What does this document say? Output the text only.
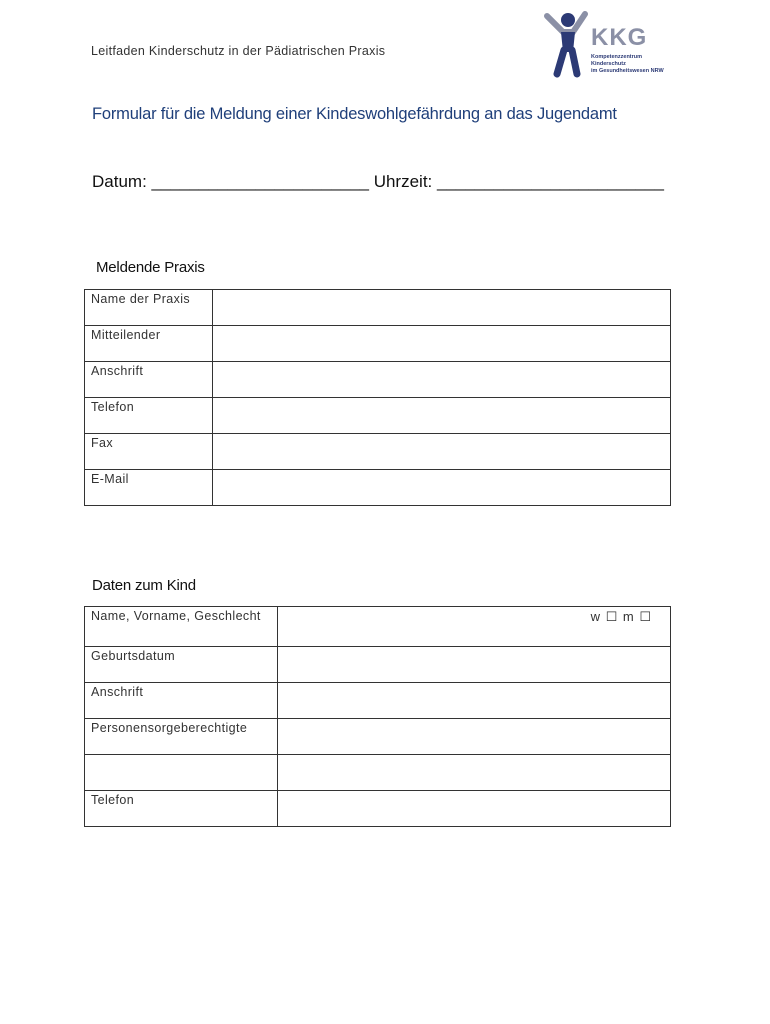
Leitfaden Kinderschutz in der Pädiatrischen Praxis	KKG
Kompetenzzentrum
Kinderschutz
im Gesundheitswesen NRW
Formular für die Meldung einer Kindeswohlgefährdung an das Jugendamt
Datum: _______________________ Uhrzeit: ________________________
Meldende Praxis
Name der Praxis	
Mitteilender	
Anschrift	
Telefon	
Fax	
E-Mail	
Daten zum Kind
Name, Vorname, Geschlecht	w ☐ m ☐

Geburtsdatum	
Anschrift	
Personensorgeberechtigte	

Telefon	
